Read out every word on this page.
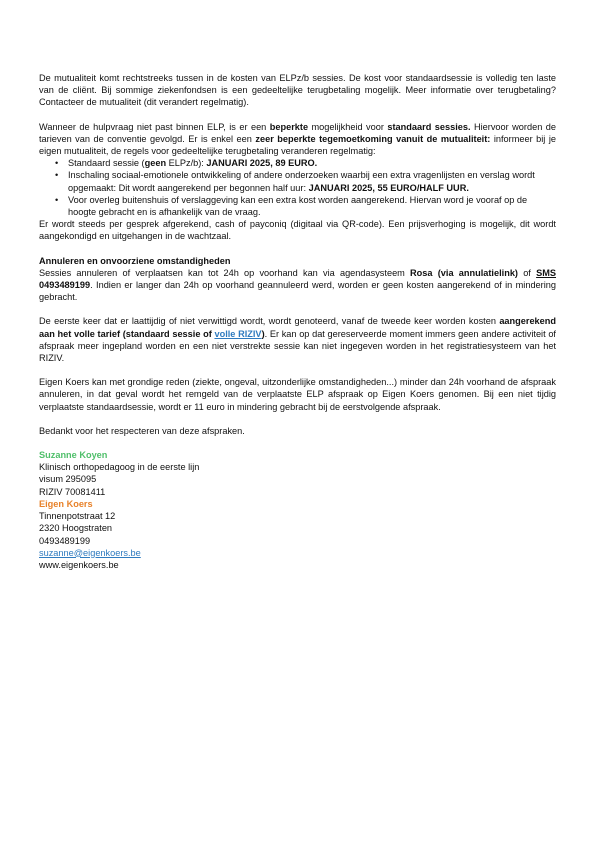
De mutualiteit komt rechtstreeks tussen in de kosten van ELPz/b sessies. De kost voor standaardsessie is volledig ten laste van de cliënt. Bij sommige ziekenfondsen is een gedeeltelijke terugbetaling mogelijk. Meer informatie over terugbetaling? Contacteer de mutualiteit (dit verandert regelmatig).

Wanneer de hulpvraag niet past binnen ELP, is er een beperkte mogelijkheid voor standaard sessies. Hiervoor worden de tarieven van de conventie gevolgd. Er is enkel een zeer beperkte tegemoetkoming vanuit de mutualiteit: informeer bij je eigen mutualiteit, de regels voor gedeeltelijke terugbetaling veranderen regelmatig:

• Standaard sessie (geen ELPz/b): JANUARI 2025, 89 EURO.
• Inschaling sociaal-emotionele ontwikkeling of andere onderzoeken waarbij een extra vragenlijsten en verslag wordt opgemaakt: Dit wordt aangerekend per begonnen half uur: JANUARI 2025, 55 EURO/HALF UUR.
• Voor overleg buitenshuis of verslaggeving kan een extra kost worden aangerekend. Hiervan word je vooraf op de hoogte gebracht en is afhankelijk van de vraag.

Er wordt steeds per gesprek afgerekend, cash of payconiq (digitaal via QR-code). Een prijsverhoging is mogelijk, dit wordt aangekondigd en uitgehangen in de wachtzaal.

Annuleren en onvoorziene omstandigheden

Sessies annuleren of verplaatsen kan tot 24h op voorhand kan via agendasysteem Rosa (via annulatielink) of SMS 0493489199. Indien er langer dan 24h op voorhand geannuleerd werd, worden er geen kosten aangerekend of in mindering gebracht.

De eerste keer dat er laattijdig of niet verwittigd wordt, wordt genoteerd, vanaf de tweede keer worden kosten aangerekend aan het volle tarief (standaard sessie of volle RIZIV). Er kan op dat gereserveerde moment immers geen andere activiteit of afspraak meer ingepland worden en een niet verstrekte sessie kan niet ingegeven worden in het registratiesysteem van het RIZIV.

Eigen Koers kan met grondige reden (ziekte, ongeval, uitzonderlijke omstandigheden...) minder dan 24h voorhand de afspraak annuleren, in dat geval wordt het remgeld van de verplaatste ELP afspraak op Eigen Koers genomen. Bij een niet tijdig verplaatste standaardsessie, wordt er 11 euro in mindering gebracht bij de eerstvolgende afspraak.

Bedankt voor het respecteren van deze afspraken.

Suzanne Koyen
Klinisch orthopedagoog in de eerste lijn
visum 295095
RIZIV 70081411
Eigen Koers
Tinnenpotstraat 12
2320 Hoogstraten
0493489199
suzanne@eigenkoers.be
www.eigenkoers.be
